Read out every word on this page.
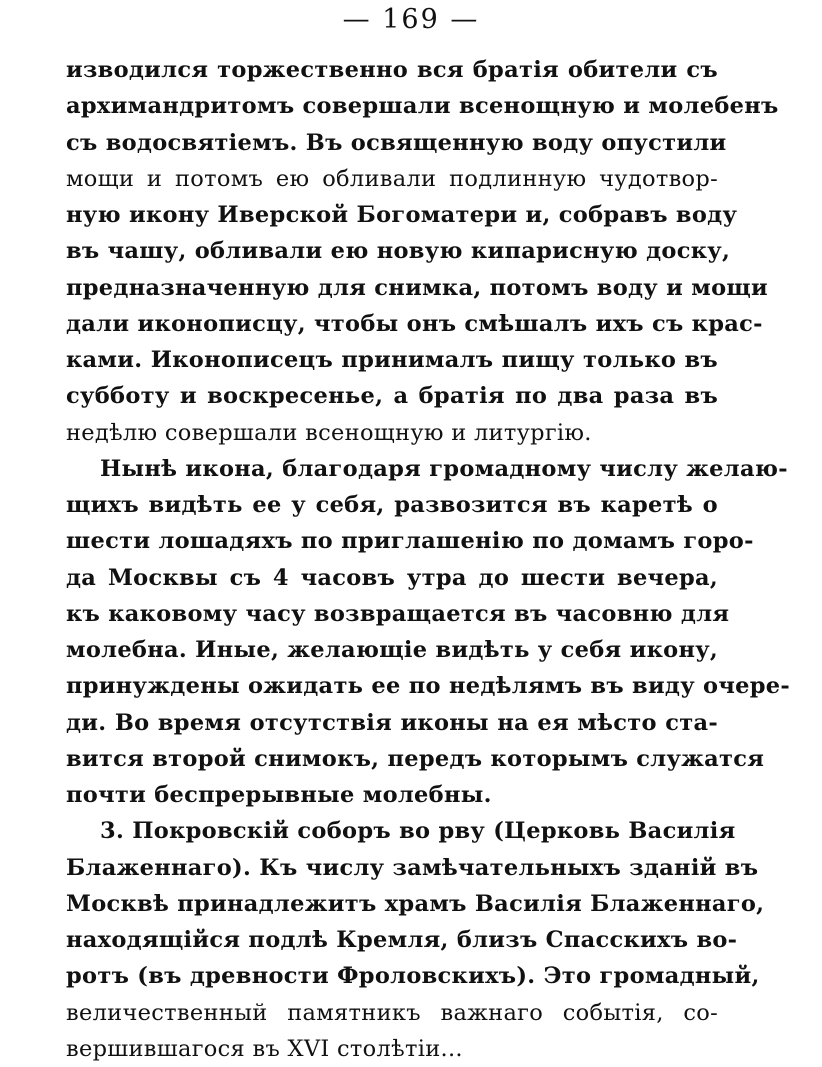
— 169 —
изводился торжественно вся братія обители съ
архимандритомъ совершали всенощную и молебенъ
съ водосвятіемъ. Въ освященную воду опустили
мощи и потомъ ею обливали подлинную чудотвор-
ную икону Иверской Богоматери и, собравъ воду
въ чашу, обливали ею новую кипарисную доску,
предназначенную для снимка, потомъ воду и мощи
дали иконописцу, чтобы онъ смѣшалъ ихъ съ крас-
ками. Иконописецъ принималъ пищу только въ
субботу и воскресенье, а братія по два раза въ
недѣлю совершали всенощную и литургію.
Нынѣ икона, благодаря громадному числу желаю-
щихъ видѣть ее у себя, развозится въ каретѣ о
шести лошадяхъ по приглашенію по домамъ горо-
да Москвы съ 4 часовъ утра до шести вечера,
къ каковому часу возвращается въ часовню для
молебна. Иные, желающіе видѣть у себя икону,
принуждены ожидать ее по недѣлямъ въ виду очере-
ди. Во время отсутствія иконы на ея мѣсто ста-
вится второй снимокъ, передъ которымъ служатся
почти беспрерывные молебны.
3. Покровскій соборъ во рву (Церковь Василія
Блаженнаго). Къ числу замѣчательныхъ зданій въ
Москвѣ принадлежитъ храмъ Василія Блаженнаго,
находящійся подлѣ Кремля, близъ Спасскихъ во-
ротъ (въ древности Фроловскихъ). Это громадный,
величественный памятникъ важнаго событія, со-
вершившагося въ XVI столѣтіи...
